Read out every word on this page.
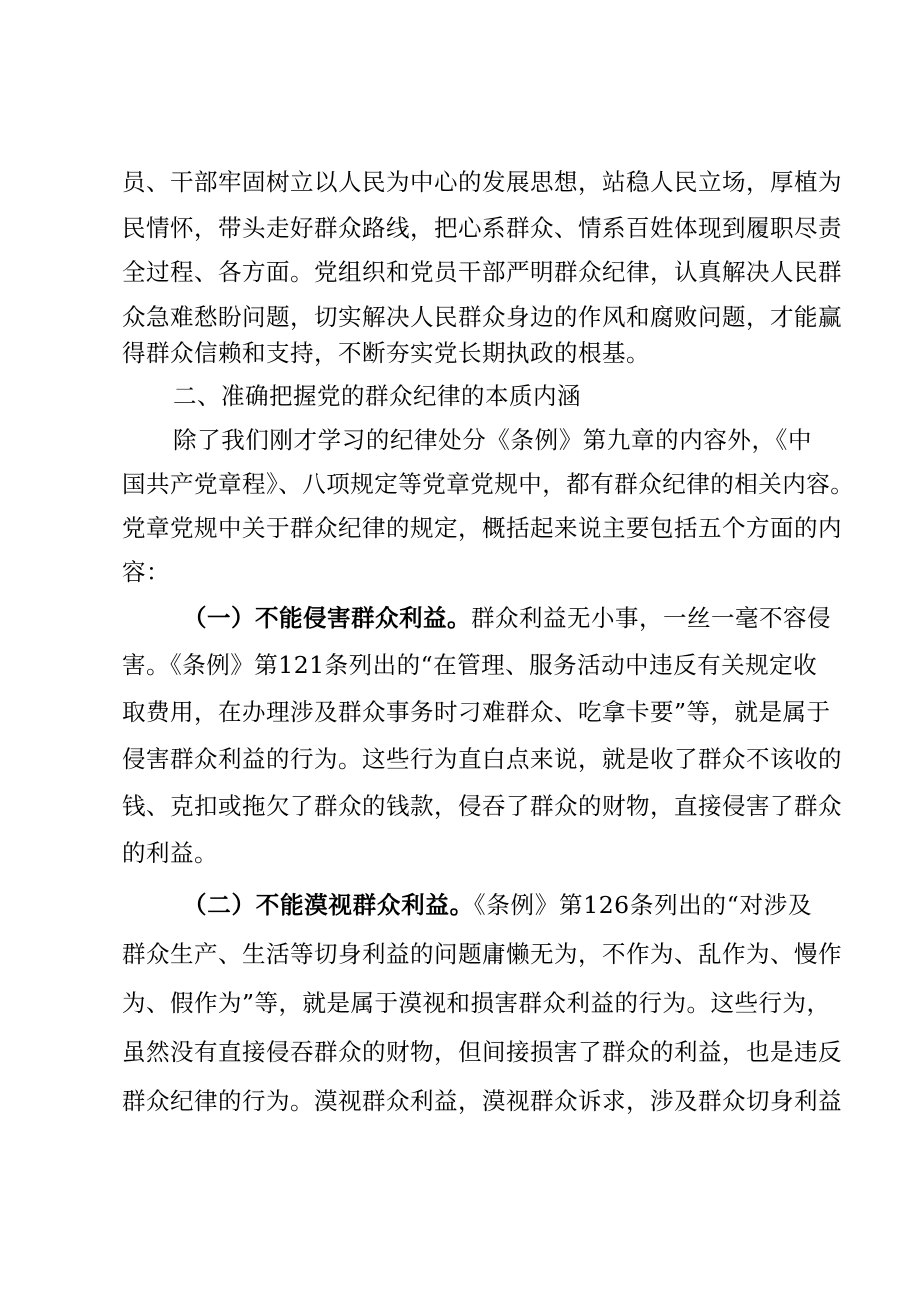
员、干部牢固树立以人民为中心的发展思想，站稳人民立场，厚植为
民情怀，带头走好群众路线，把心系群众、情系百姓体现到履职尽责
全过程、各方面。党组织和党员干部严明群众纪律，认真解决人民群
众急难愁盼问题，切实解决人民群众身边的作风和腐败问题，才能赢
得群众信赖和支持，不断夯实党长期执政的根基。
二、准确把握党的群众纪律的本质内涵
除了我们刚才学习的纪律处分《条例》第九章的内容外，《中
国共产党章程》、八项规定等党章党规中，都有群众纪律的相关内容。
党章党规中关于群众纪律的规定，概括起来说主要包括五个方面的内
容：
（一）不能侵害群众利益。群众利益无小事，一丝一毫不容侵
害。《条例》第121条列出的“在管理、服务活动中违反有关规定收
取费用，在办理涉及群众事务时刁难群众、吃拿卡要”等，就是属于
侵害群众利益的行为。这些行为直白点来说，就是收了群众不该收的
钱、克扣或拖欠了群众的钱款，侵吞了群众的财物，直接侵害了群众
的利益。
（二）不能漠视群众利益。《条例》第126条列出的“对涉及
群众生产、生活等切身利益的问题庸懒无为，不作为、乱作为、慢作
为、假作为”等，就是属于漠视和损害群众利益的行为。这些行为，
虽然没有直接侵吞群众的财物，但间接损害了群众的利益，也是违反
群众纪律的行为。漠视群众利益，漠视群众诉求，涉及群众切身利益
